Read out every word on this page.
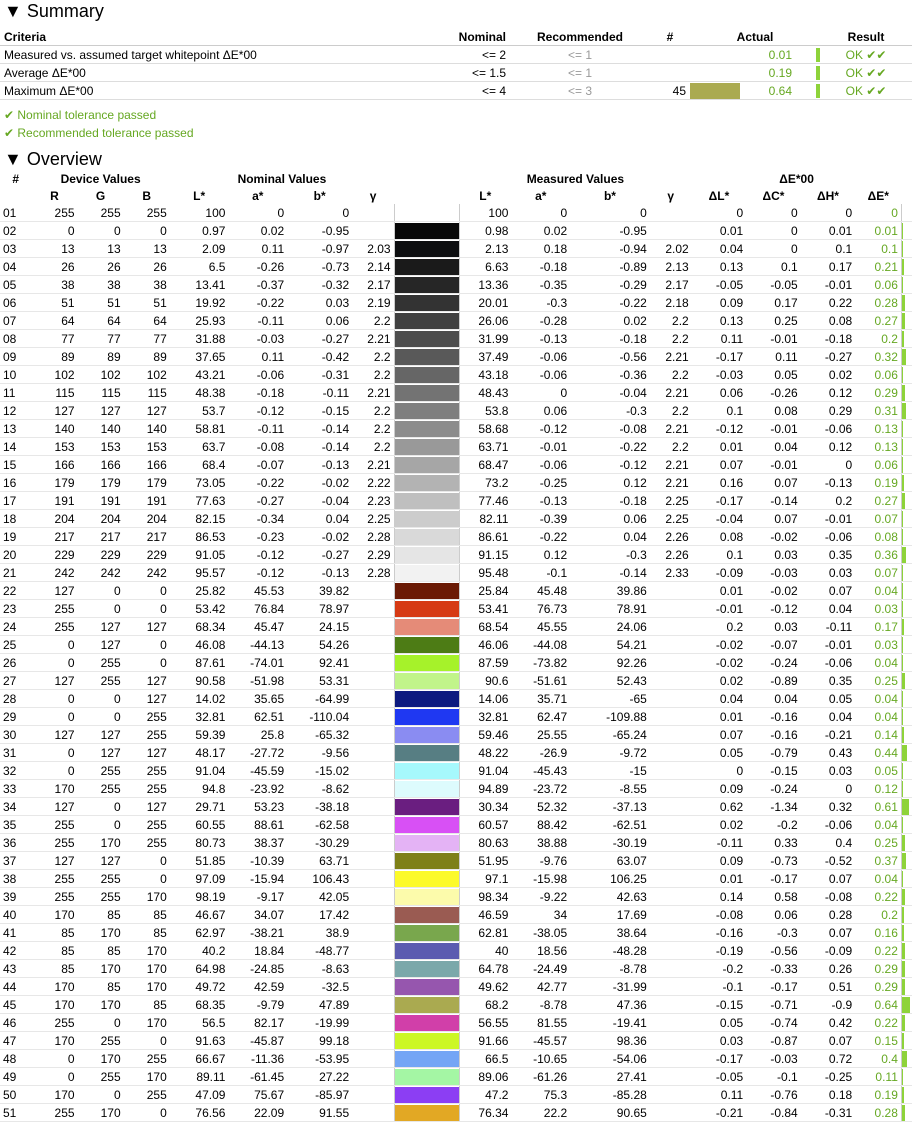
▼ Summary
Criteria	Nominal	Recommended	#	Actual	Result
Measured vs. assumed target whitepoint ΔE*00	<= 2	<= 1		0.01	OK ✔✔
Average ΔE*00	<= 1.5	<= 1		0.19	OK ✔✔
Maximum ΔE*00	<= 4	<= 3	45	0.64	OK ✔✔
✔ Nominal tolerance passed
✔ Recommended tolerance passed
▼ Overview
#	Device Values			Nominal Values					Measured Values				ΔE*00				
	R	G	B	L*	a*	b*	γ		L*	a*	b*	γ	ΔL*	ΔC*	ΔH*	ΔE*	
01	255	255	255	100	0	0			100	0	0		0	0	0	0	

02	0	0	0	0.97	0.02	-0.95			0.98	0.02	-0.95		0.01	0	0.01	0.01	

03	13	13	13	2.09	0.11	-0.97	2.03		2.13	0.18	-0.94	2.02	0.04	0	0.1	0.1	

04	26	26	26	6.5	-0.26	-0.73	2.14		6.63	-0.18	-0.89	2.13	0.13	0.1	0.17	0.21	

05	38	38	38	13.41	-0.37	-0.32	2.17		13.36	-0.35	-0.29	2.17	-0.05	-0.05	-0.01	0.06	

06	51	51	51	19.92	-0.22	0.03	2.19		20.01	-0.3	-0.22	2.18	0.09	0.17	0.22	0.28	

07	64	64	64	25.93	-0.11	0.06	2.2		26.06	-0.28	0.02	2.2	0.13	0.25	0.08	0.27	

08	77	77	77	31.88	-0.03	-0.27	2.21		31.99	-0.13	-0.18	2.2	0.11	-0.01	-0.18	0.2	

09	89	89	89	37.65	0.11	-0.42	2.2		37.49	-0.06	-0.56	2.21	-0.17	0.11	-0.27	0.32	

10	102	102	102	43.21	-0.06	-0.31	2.2		43.18	-0.06	-0.36	2.2	-0.03	0.05	0.02	0.06	

11	115	115	115	48.38	-0.18	-0.11	2.21		48.43	0	-0.04	2.21	0.06	-0.26	0.12	0.29	

12	127	127	127	53.7	-0.12	-0.15	2.2		53.8	0.06	-0.3	2.2	0.1	0.08	0.29	0.31	

13	140	140	140	58.81	-0.11	-0.14	2.2		58.68	-0.12	-0.08	2.21	-0.12	-0.01	-0.06	0.13	

14	153	153	153	63.7	-0.08	-0.14	2.2		63.71	-0.01	-0.22	2.2	0.01	0.04	0.12	0.13	

15	166	166	166	68.4	-0.07	-0.13	2.21		68.47	-0.06	-0.12	2.21	0.07	-0.01	0	0.06	

16	179	179	179	73.05	-0.22	-0.02	2.22		73.2	-0.25	0.12	2.21	0.16	0.07	-0.13	0.19	

17	191	191	191	77.63	-0.27	-0.04	2.23		77.46	-0.13	-0.18	2.25	-0.17	-0.14	0.2	0.27	

18	204	204	204	82.15	-0.34	0.04	2.25		82.11	-0.39	0.06	2.25	-0.04	0.07	-0.01	0.07	

19	217	217	217	86.53	-0.23	-0.02	2.28		86.61	-0.22	0.04	2.26	0.08	-0.02	-0.06	0.08	

20	229	229	229	91.05	-0.12	-0.27	2.29		91.15	0.12	-0.3	2.26	0.1	0.03	0.35	0.36	

21	242	242	242	95.57	-0.12	-0.13	2.28		95.48	-0.1	-0.14	2.33	-0.09	-0.03	0.03	0.07	

22	127	0	0	25.82	45.53	39.82			25.84	45.48	39.86		0.01	-0.02	0.07	0.04	

23	255	0	0	53.42	76.84	78.97			53.41	76.73	78.91		-0.01	-0.12	0.04	0.03	

24	255	127	127	68.34	45.47	24.15			68.54	45.55	24.06		0.2	0.03	-0.11	0.17	

25	0	127	0	46.08	-44.13	54.26			46.06	-44.08	54.21		-0.02	-0.07	-0.01	0.03	

26	0	255	0	87.61	-74.01	92.41			87.59	-73.82	92.26		-0.02	-0.24	-0.06	0.04	

27	127	255	127	90.58	-51.98	53.31			90.6	-51.61	52.43		0.02	-0.89	0.35	0.25	

28	0	0	127	14.02	35.65	-64.99			14.06	35.71	-65		0.04	0.04	0.05	0.04	

29	0	0	255	32.81	62.51	-110.04			32.81	62.47	-109.88		0.01	-0.16	0.04	0.04	

30	127	127	255	59.39	25.8	-65.32			59.46	25.55	-65.24		0.07	-0.16	-0.21	0.14	

31	0	127	127	48.17	-27.72	-9.56			48.22	-26.9	-9.72		0.05	-0.79	0.43	0.44	

32	0	255	255	91.04	-45.59	-15.02			91.04	-45.43	-15		0	-0.15	0.03	0.05	

33	170	255	255	94.8	-23.92	-8.62			94.89	-23.72	-8.55		0.09	-0.24	0	0.12	

34	127	0	127	29.71	53.23	-38.18			30.34	52.32	-37.13		0.62	-1.34	0.32	0.61	

35	255	0	255	60.55	88.61	-62.58			60.57	88.42	-62.51		0.02	-0.2	-0.06	0.04	

36	255	170	255	80.73	38.37	-30.29			80.63	38.88	-30.19		-0.11	0.33	0.4	0.25	

37	127	127	0	51.85	-10.39	63.71			51.95	-9.76	63.07		0.09	-0.73	-0.52	0.37	

38	255	255	0	97.09	-15.94	106.43			97.1	-15.98	106.25		0.01	-0.17	0.07	0.04	

39	255	255	170	98.19	-9.17	42.05			98.34	-9.22	42.63		0.14	0.58	-0.08	0.22	

40	170	85	85	46.67	34.07	17.42			46.59	34	17.69		-0.08	0.06	0.28	0.2	

41	85	170	85	62.97	-38.21	38.9			62.81	-38.05	38.64		-0.16	-0.3	0.07	0.16	

42	85	85	170	40.2	18.84	-48.77			40	18.56	-48.28		-0.19	-0.56	-0.09	0.22	

43	85	170	170	64.98	-24.85	-8.63			64.78	-24.49	-8.78		-0.2	-0.33	0.26	0.29	

44	170	85	170	49.72	42.59	-32.5			49.62	42.77	-31.99		-0.1	-0.17	0.51	0.29	

45	170	170	85	68.35	-9.79	47.89			68.2	-8.78	47.36		-0.15	-0.71	-0.9	0.64	

46	255	0	170	56.5	82.17	-19.99			56.55	81.55	-19.41		0.05	-0.74	0.42	0.22	

47	170	255	0	91.63	-45.87	99.18			91.66	-45.57	98.36		0.03	-0.87	0.07	0.15	

48	0	170	255	66.67	-11.36	-53.95			66.5	-10.65	-54.06		-0.17	-0.03	0.72	0.4	

49	0	255	170	89.11	-61.45	27.22			89.06	-61.26	27.41		-0.05	-0.1	-0.25	0.11	

50	170	0	255	47.09	75.67	-85.97			47.2	75.3	-85.28		0.11	-0.76	0.18	0.19	

51	255	170	0	76.56	22.09	91.55			76.34	22.2	90.65		-0.21	-0.84	-0.31	0.28	
